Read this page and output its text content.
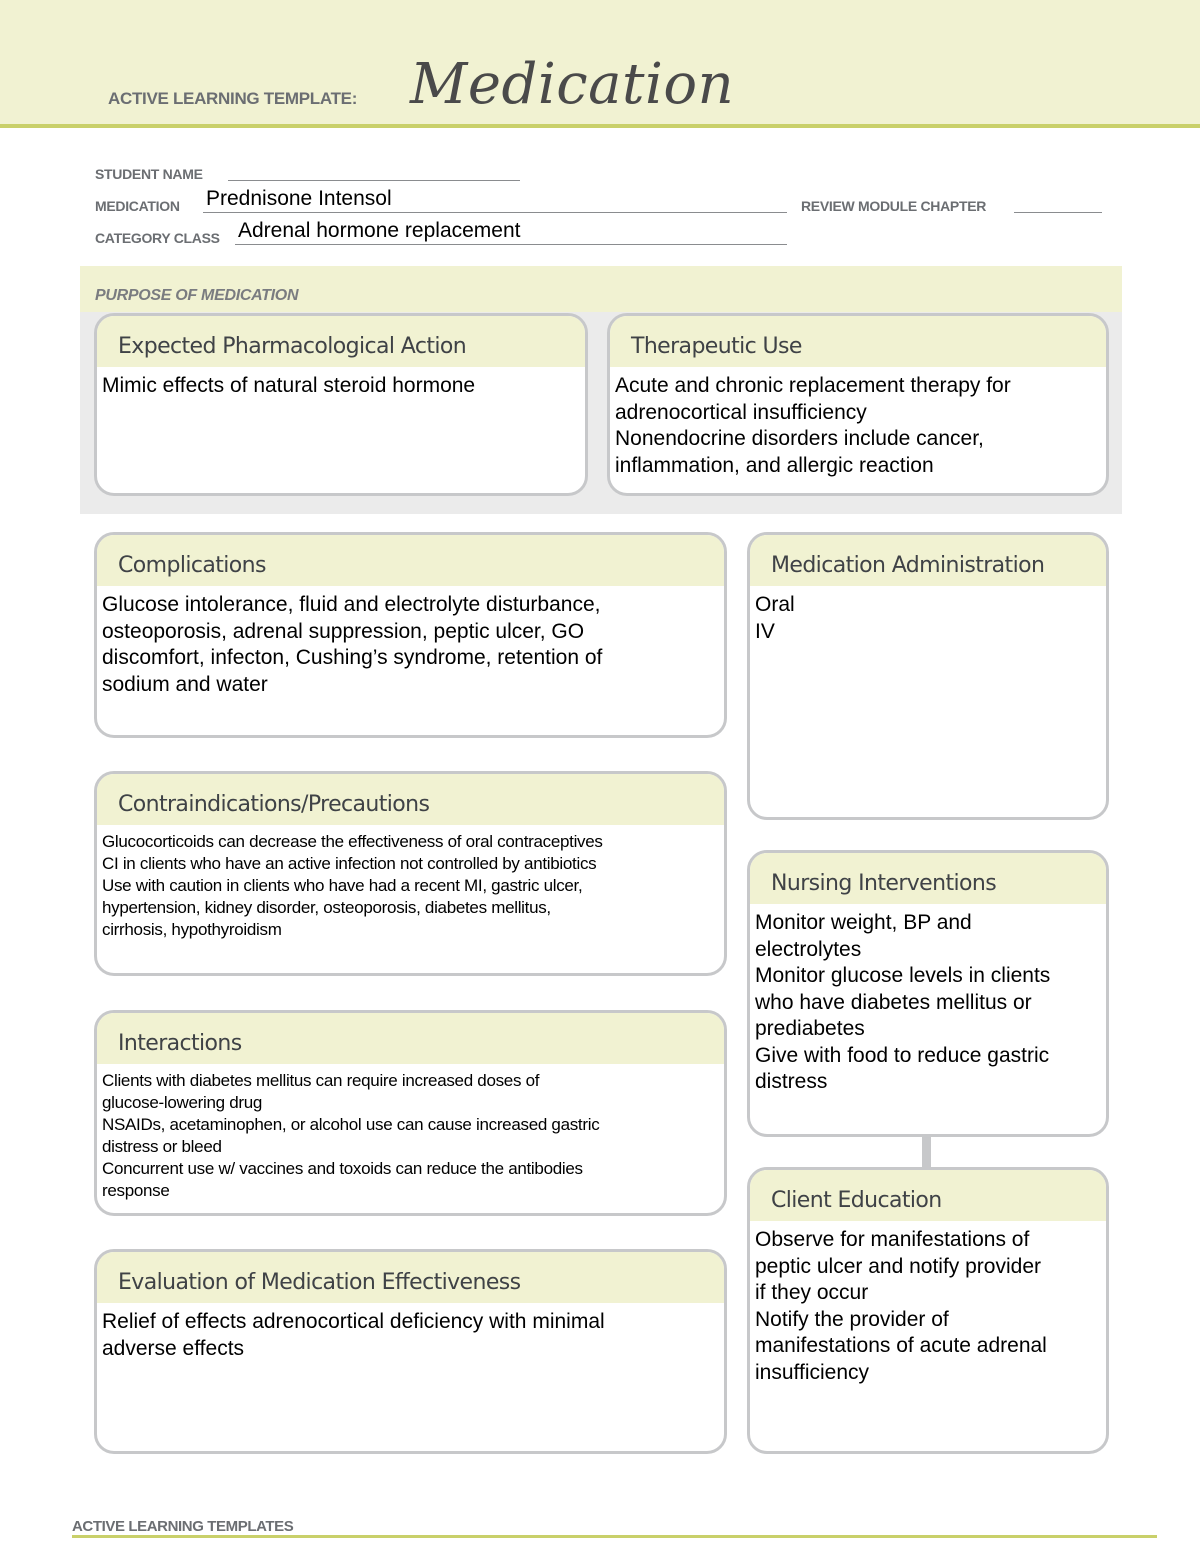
ACTIVE LEARNING TEMPLATE: Medication
STUDENT NAME
MEDICATION Prednisone Intensol	REVIEW MODULE CHAPTER
CATEGORY CLASS Adrenal hormone replacement
PURPOSE OF MEDICATION
Expected Pharmacological Action
Mimic effects of natural steroid hormone
Therapeutic Use
Acute and chronic replacement therapy for
adrenocortical insufficiency
Nonendocrine disorders include cancer,
inflammation, and allergic reaction
Complications
Glucose intolerance, fluid and electrolyte disturbance,
osteoporosis, adrenal suppression, peptic ulcer, GO
discomfort, infecton, Cushing’s syndrome, retention of
sodium and water
Medication Administration
Oral
IV
Contraindications/Precautions
Glucocorticoids can decrease the effectiveness of oral contraceptives
CI in clients who have an active infection not controlled by antibiotics
Use with caution in clients who have had a recent MI, gastric ulcer,
hypertension, kidney disorder, osteoporosis, diabetes mellitus,
cirrhosis, hypothyroidism
Nursing Interventions
Monitor weight, BP and
electrolytes
Monitor glucose levels in clients
who have diabetes mellitus or
prediabetes
Give with food to reduce gastric
distress
Interactions
Clients with diabetes mellitus can require increased doses of
glucose-lowering drug
NSAIDs, acetaminophen, or alcohol use can cause increased gastric
distress or bleed
Concurrent use w/ vaccines and toxoids can reduce the antibodies
response	Client Education
Observe for manifestations of
peptic ulcer and notify provider
if they occur
Notify the provider of
manifestations of acute adrenal
insufficiency
Evaluation of Medication Effectiveness
Relief of effects adrenocortical deficiency with minimal
adverse effects
ACTIVE LEARNING TEMPLATES
